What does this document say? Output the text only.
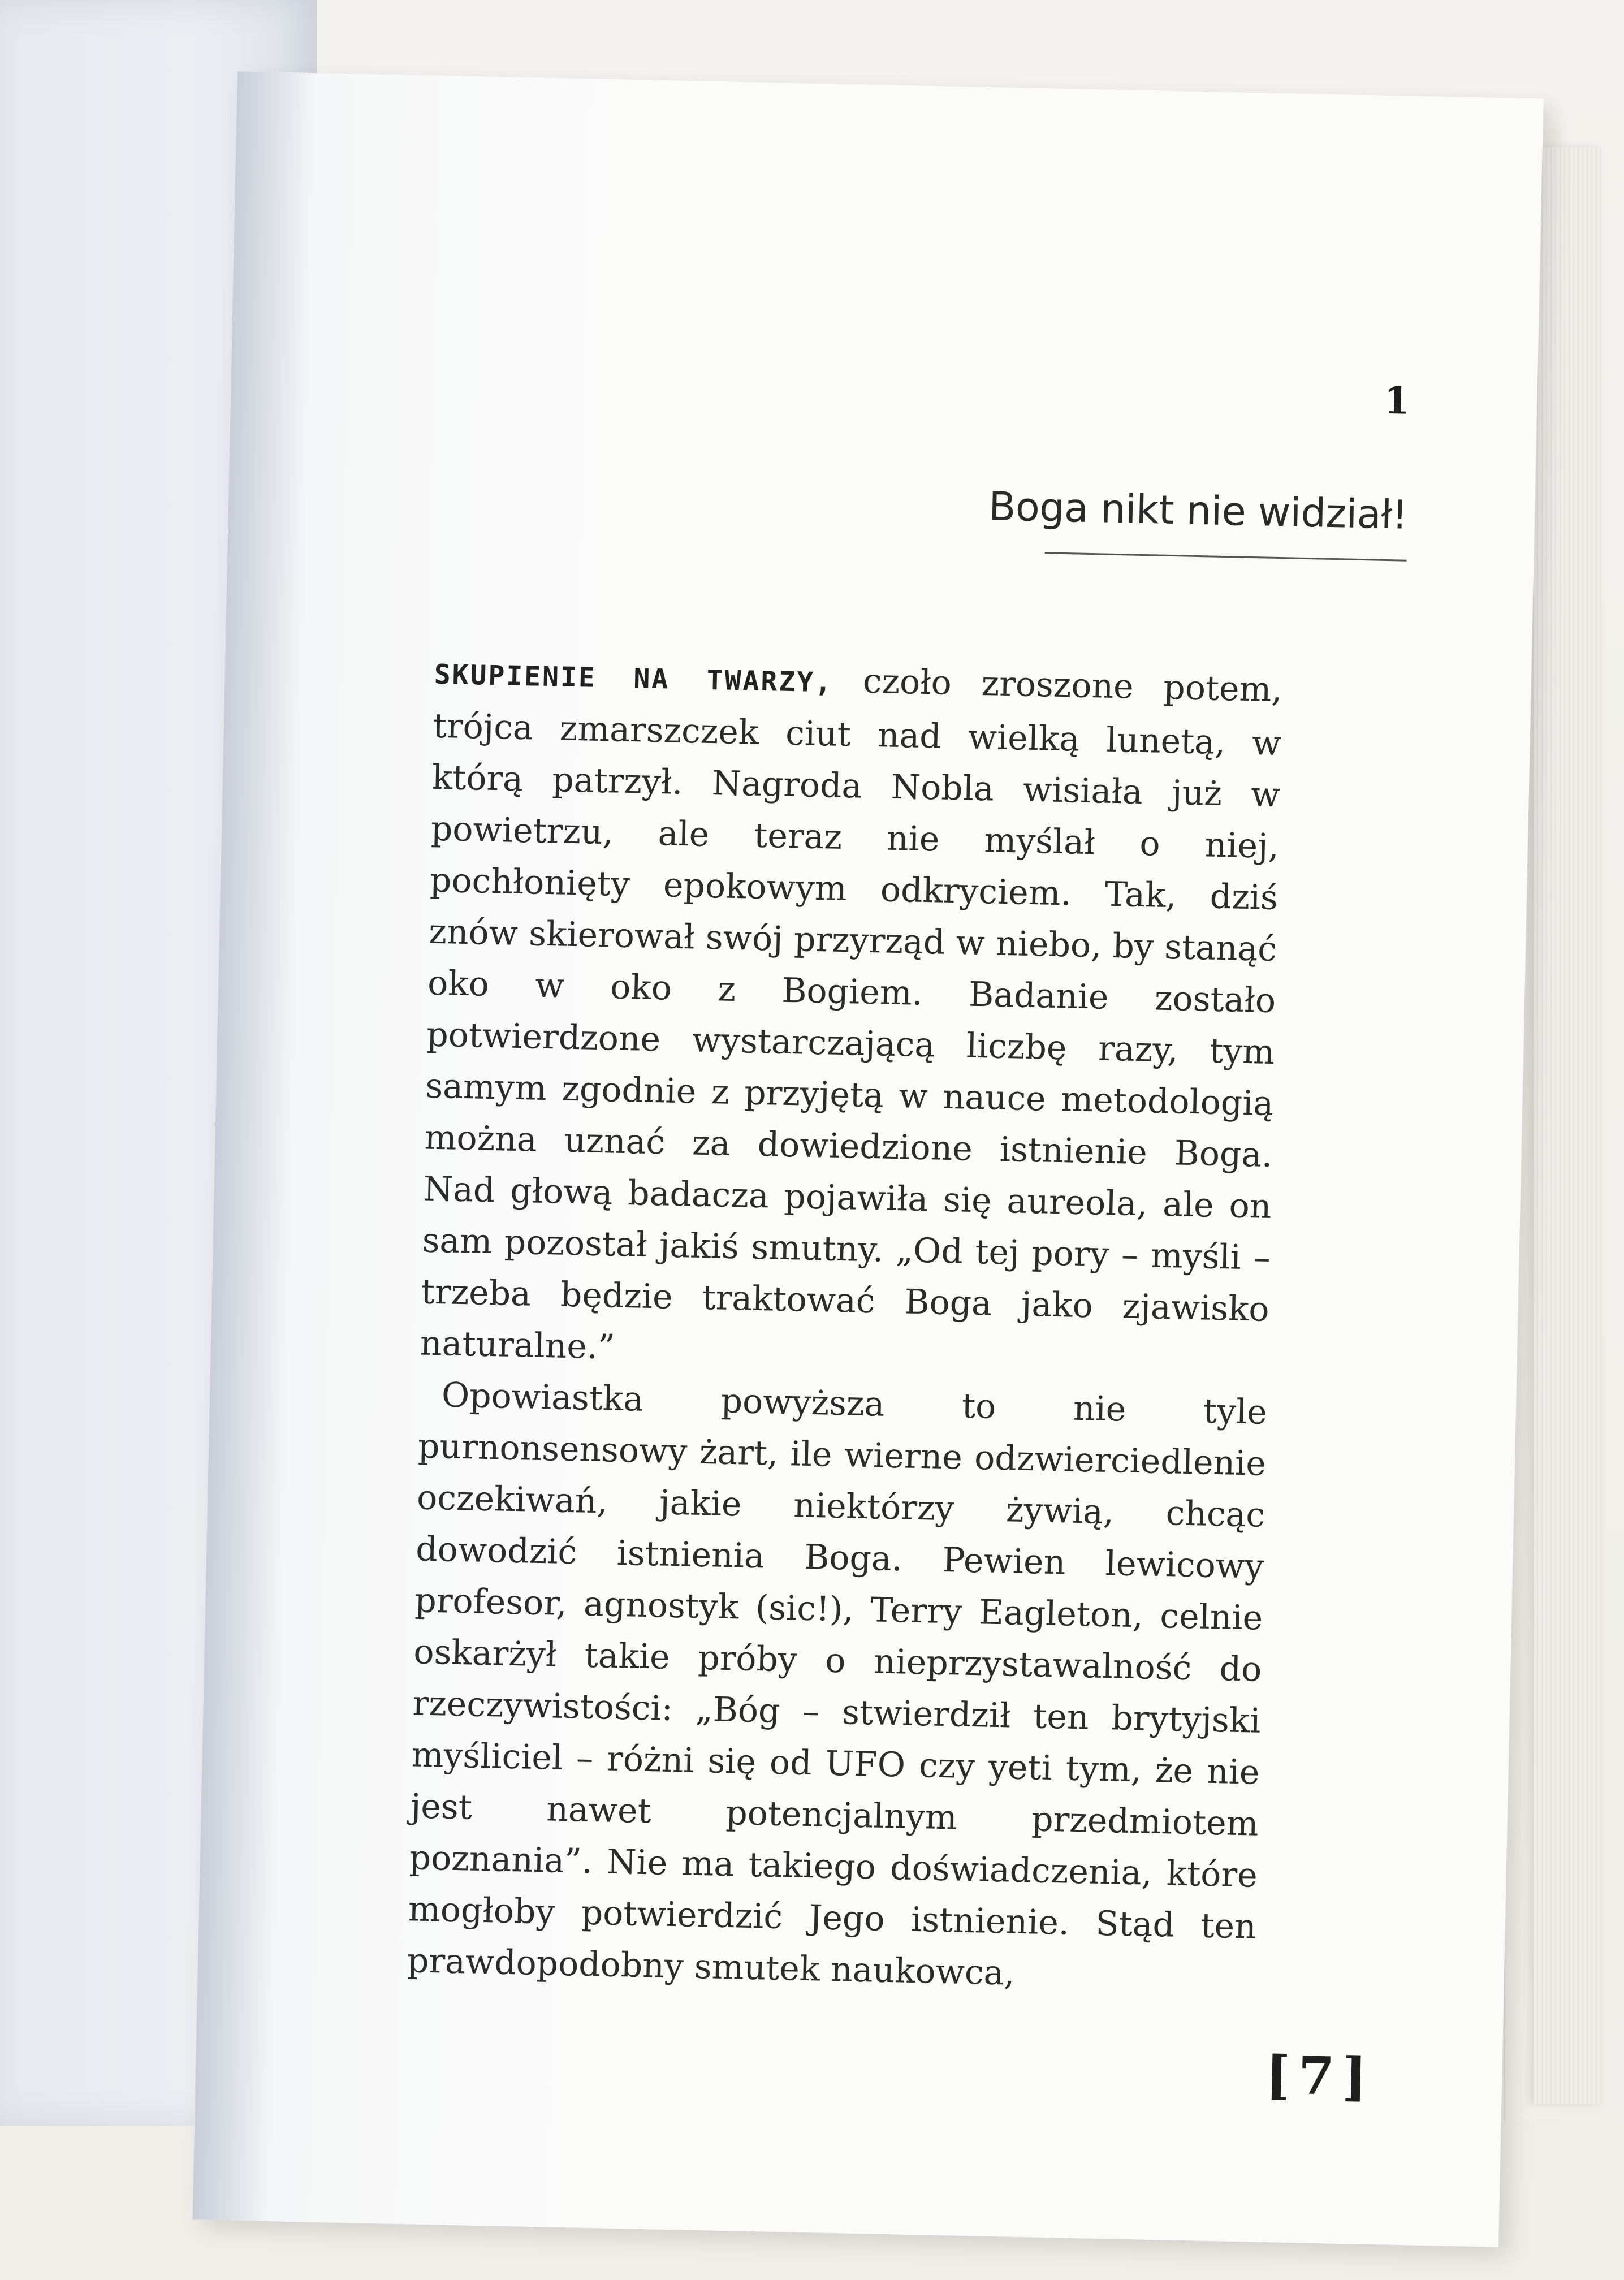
1
Boga nikt nie widział!

SKUPIENIE NA TWARZY, czoło zroszone potem, trójca zmarszczek ciut nad wielką lunetą, w którą patrzył. Nagroda Nobla wisiała już w powietrzu, ale teraz nie myślał o niej, pochłonięty epokowym odkryciem. Tak, dziś znów skierował swój przyrząd w niebo, by stanąć oko w oko z Bogiem. Badanie zostało potwierdzone wystarczającą liczbę razy, tym samym zgodnie z przyjętą w nauce metodologią można uznać za dowiedzione istnienie Boga. Nad głową badacza pojawiła się aureola, ale on sam pozostał jakiś smutny. „Od tej pory – myśli – trzeba będzie traktować Boga jako zjawisko naturalne.”

Opowiastka powyższa to nie tyle purnonsensowy żart, ile wierne odzwierciedlenie oczekiwań, jakie niektórzy żywią, chcąc dowodzić istnienia Boga. Pewien lewicowy profesor, agnostyk (sic!), Terry Eagleton, celnie oskarżył takie próby o nieprzystawalność do rzeczywistości: „Bóg – stwierdził ten brytyjski myśliciel – różni się od UFO czy yeti tym, że nie jest nawet potencjalnym przedmiotem poznania”. Nie ma takiego doświadczenia, które mogłoby potwierdzić Jego istnienie. Stąd ten prawdopodobny smutek naukowca,

[7]
